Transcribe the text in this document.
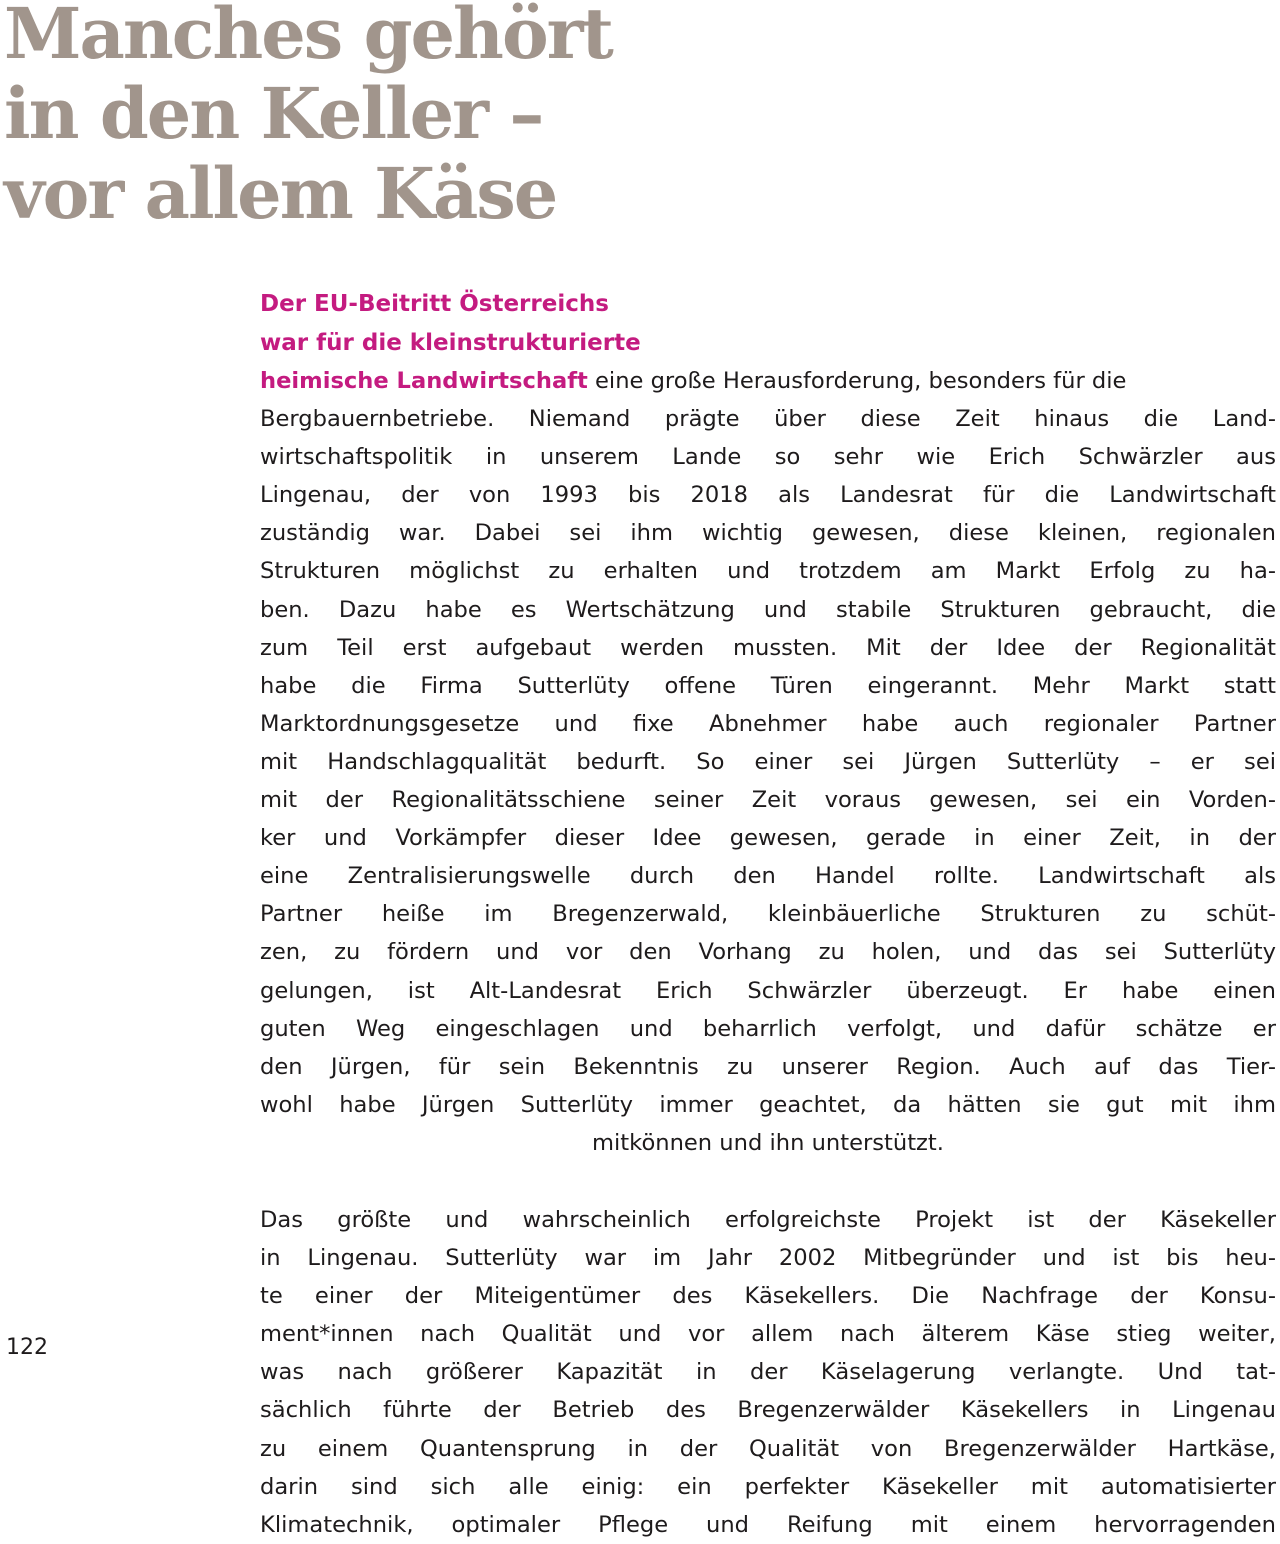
Manches gehört
in den Keller –
vor allem Käse
Der EU-Beitritt Österreichs
war für die kleinstrukturierte
heimische Landwirtschaft eine große Herausforderung, besonders für die
Bergbauernbetriebe. Niemand prägte über diese Zeit hinaus die Land-
wirtschaftspolitik in unserem Lande so sehr wie Erich Schwärzler aus
Lingenau, der von 1993 bis 2018 als Landesrat für die Landwirtschaft
zuständig war. Dabei sei ihm wichtig gewesen, diese kleinen, regionalen
Strukturen möglichst zu erhalten und trotzdem am Markt Erfolg zu ha-
ben. Dazu habe es Wertschätzung und stabile Strukturen gebraucht, die
zum Teil erst aufgebaut werden mussten. Mit der Idee der Regionalität
habe die Firma Sutterlüty offene Türen eingerannt. Mehr Markt statt
Marktordnungsgesetze und fixe Abnehmer habe auch regionaler Partner
mit Handschlagqualität bedurft. So einer sei Jürgen Sutterlüty – er sei
mit der Regionalitätsschiene seiner Zeit voraus gewesen, sei ein Vorden-
ker und Vorkämpfer dieser Idee gewesen, gerade in einer Zeit, in der
eine Zentralisierungswelle durch den Handel rollte. Landwirtschaft als
Partner heiße im Bregenzerwald, kleinbäuerliche Strukturen zu schüt-
zen, zu fördern und vor den Vorhang zu holen, und das sei Sutterlüty
gelungen, ist Alt-Landesrat Erich Schwärzler überzeugt. Er habe einen
guten Weg eingeschlagen und beharrlich verfolgt, und dafür schätze er
den Jürgen, für sein Bekenntnis zu unserer Region. Auch auf das Tier-
wohl habe Jürgen Sutterlüty immer geachtet, da hätten sie gut mit ihm
mitkönnen und ihn unterstützt.
Das größte und wahrscheinlich erfolgreichste Projekt ist der Käsekeller
in Lingenau. Sutterlüty war im Jahr 2002 Mitbegründer und ist bis heu-
te einer der Miteigentümer des Käsekellers. Die Nachfrage der Konsu-
ment*innen nach Qualität und vor allem nach älterem Käse stieg weiter,
was nach größerer Kapazität in der Käselagerung verlangte. Und tat-
sächlich führte der Betrieb des Bregenzerwälder Käsekellers in Lingenau
zu einem Quantensprung in der Qualität von Bregenzerwälder Hartkäse,
darin sind sich alle einig: ein perfekter Käsekeller mit automatisierter
Klimatechnik, optimaler Pflege und Reifung mit einem hervorragenden
122
